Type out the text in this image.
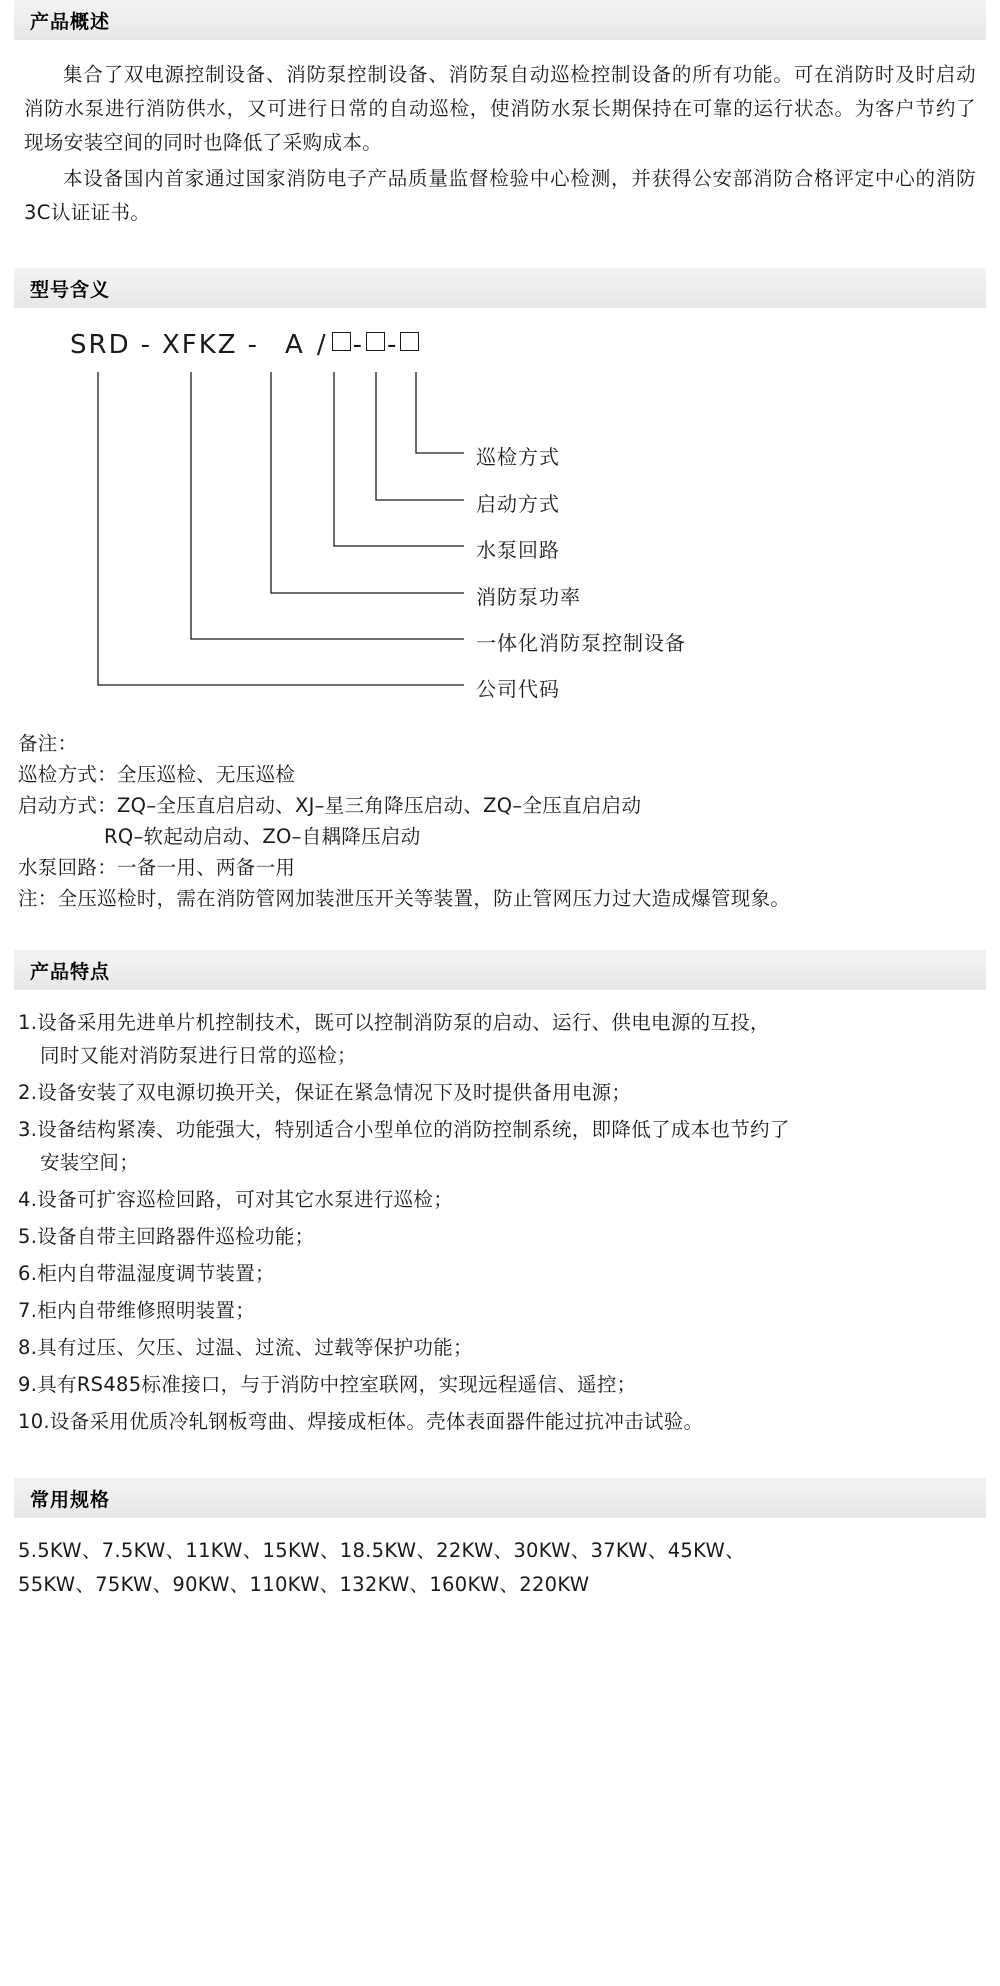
产品概述

集合了双电源控制设备、消防泵控制设备、消防泵自动巡检控制设备的所有功能。可在消防时及时启动消防水泵进行消防供水，又可进行日常的自动巡检，使消防水泵长期保持在可靠的运行状态。为客户节约了现场安装空间的同时也降低了采购成本。

本设备国内首家通过国家消防电子产品质量监督检验中心检测，并获得公安部消防合格评定中心的消防3C认证证书。

型号含义
SRD - XFKZ - A / - -
巡检方式
启动方式
水泵回路
消防泵功率
一体化消防泵控制设备
公司代码
备注：
巡检方式：全压巡检、无压巡检
启动方式：ZQ–全压直启启动、XJ–星三角降压启动、ZQ–全压直启启动
RQ–软起动启动、ZO–自耦降压启动
水泵回路：一备一用、两备一用
注：全压巡检时，需在消防管网加装泄压开关等装置，防止管网压力过大造成爆管现象。
产品特点
1.设备采用先进单片机控制技术，既可以控制消防泵的启动、运行、供电电源的互投，
同时又能对消防泵进行日常的巡检；
2.设备安装了双电源切换开关，保证在紧急情况下及时提供备用电源；
3.设备结构紧凑、功能强大，特别适合小型单位的消防控制系统，即降低了成本也节约了
安装空间；
4.设备可扩容巡检回路，可对其它水泵进行巡检；
5.设备自带主回路器件巡检功能；
6.柜内自带温湿度调节装置；
7.柜内自带维修照明装置；
8.具有过压、欠压、过温、过流、过载等保护功能；
9.具有RS485标准接口，与于消防中控室联网，实现远程遥信、遥控；
10.设备采用优质冷轧钢板弯曲、焊接成柜体。壳体表面器件能过抗冲击试验。
常用规格
5.5KW、7.5KW、11KW、15KW、18.5KW、22KW、30KW、37KW、45KW、
55KW、75KW、90KW、110KW、132KW、160KW、220KW
